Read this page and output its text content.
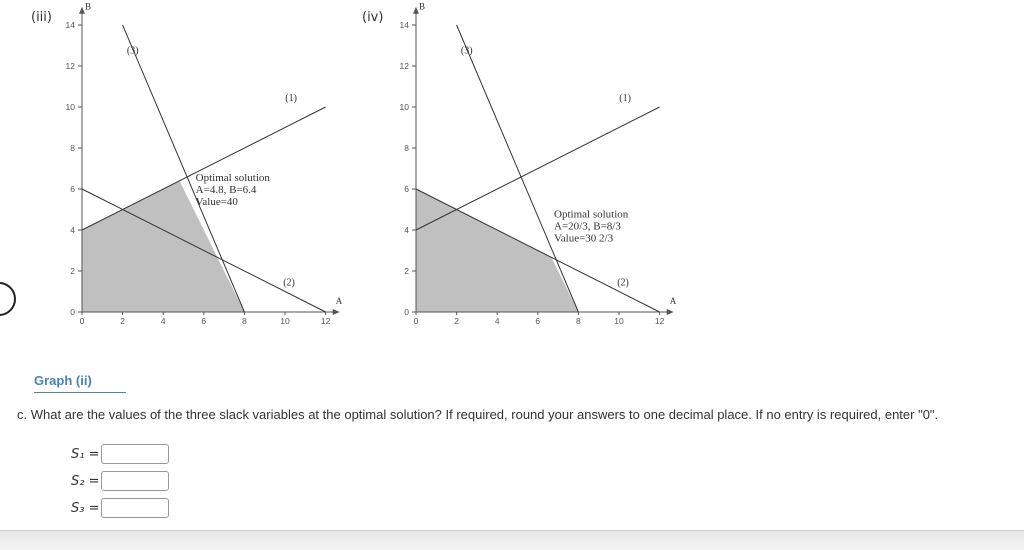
(iii)
A
B
0	2	4	6	8	10	12
0
2
4
6
8
10
12
14
(1)
(2)
(3)
Optimal solution
A=4.8, B=6.4
Value=40
(iv)
A
B
0	2	4	6	8	10	12
0
2
4
6
8
10
12
14
(1)
(2)
(3)
Optimal solution
A=20/3, B=8/3
Value=30 2/3
Graph (ii)
c. What are the values of the three slack variables at the optimal solution? If required, round your answers to one decimal place. If no entry is required, enter "0".
S₁ =
S₂ =
S₃ =
